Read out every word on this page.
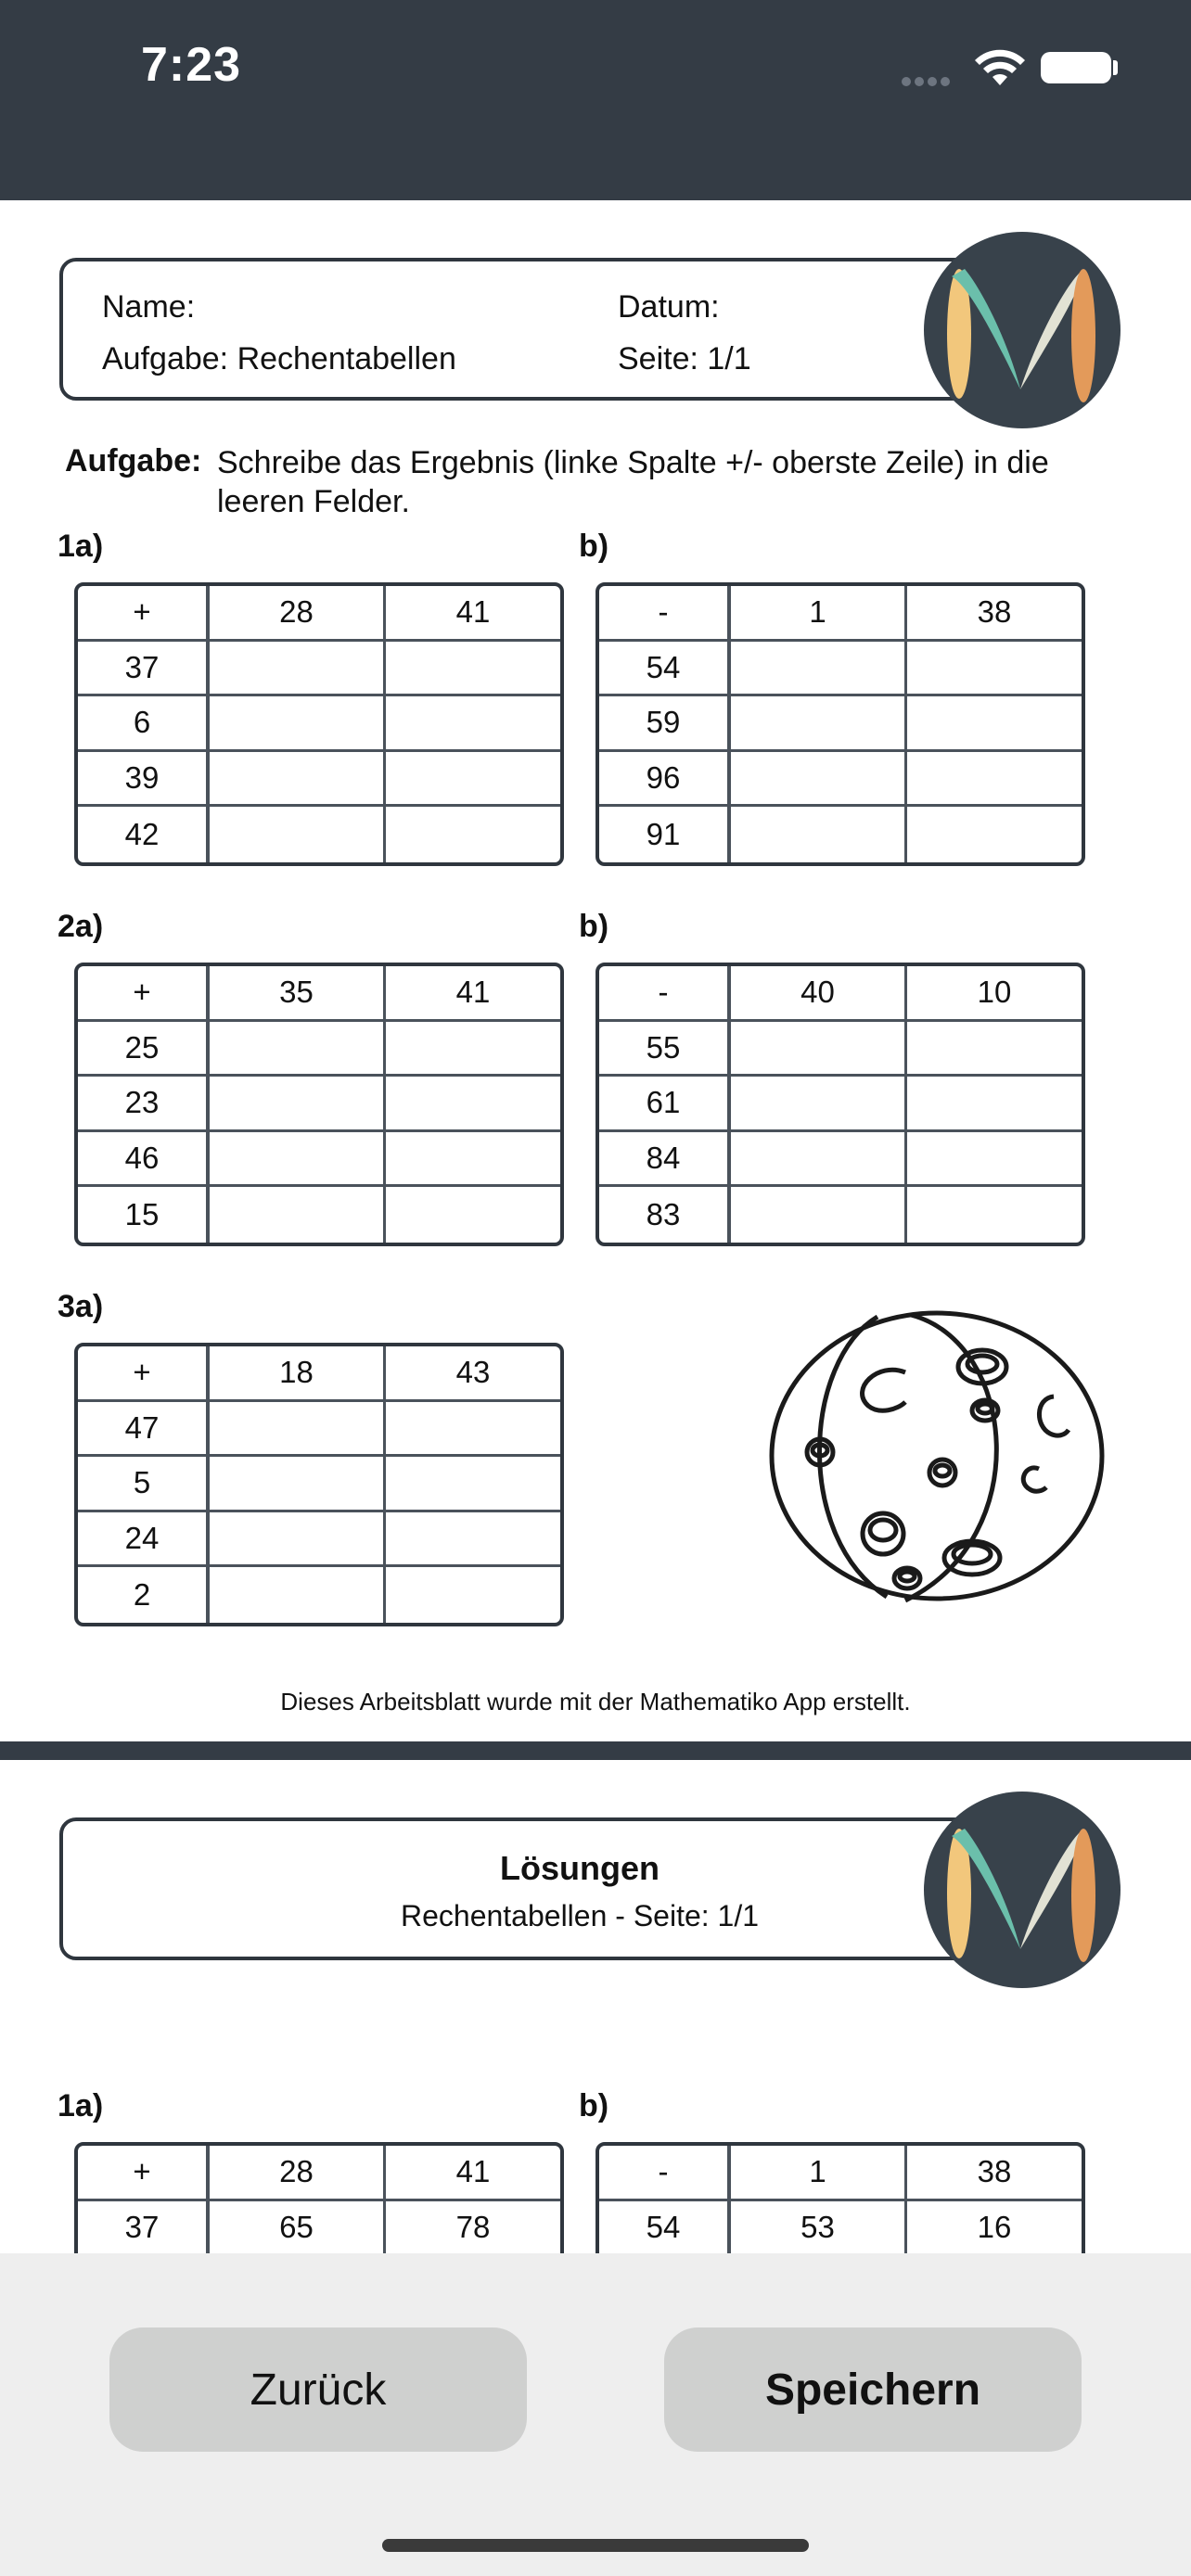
7:23
Name:	Datum:
Aufgabe: Rechentabellen	Seite: 1/1
Aufgabe: Schreibe das Ergebnis (linke Spalte +/- oberste Zeile) in die leeren Felder.
1a)
+	28	41
37		
6		
39		
42		
b)
-	1	38
54		
59		
96		
91		
2a)
+	35	41
25		
23		
46		
15		
b)
-	40	10
55		
61		
84		
83		
3a)
+	18	43
47		
5		
24		
2		
Dieses Arbeitsblatt wurde mit der Mathematiko App erstellt.
Lösungen
Rechentabellen - Seite: 1/1
1a)
+	28	41
37	65	78

b)
-	1	38
54	53	16

Zurück	Speichern
